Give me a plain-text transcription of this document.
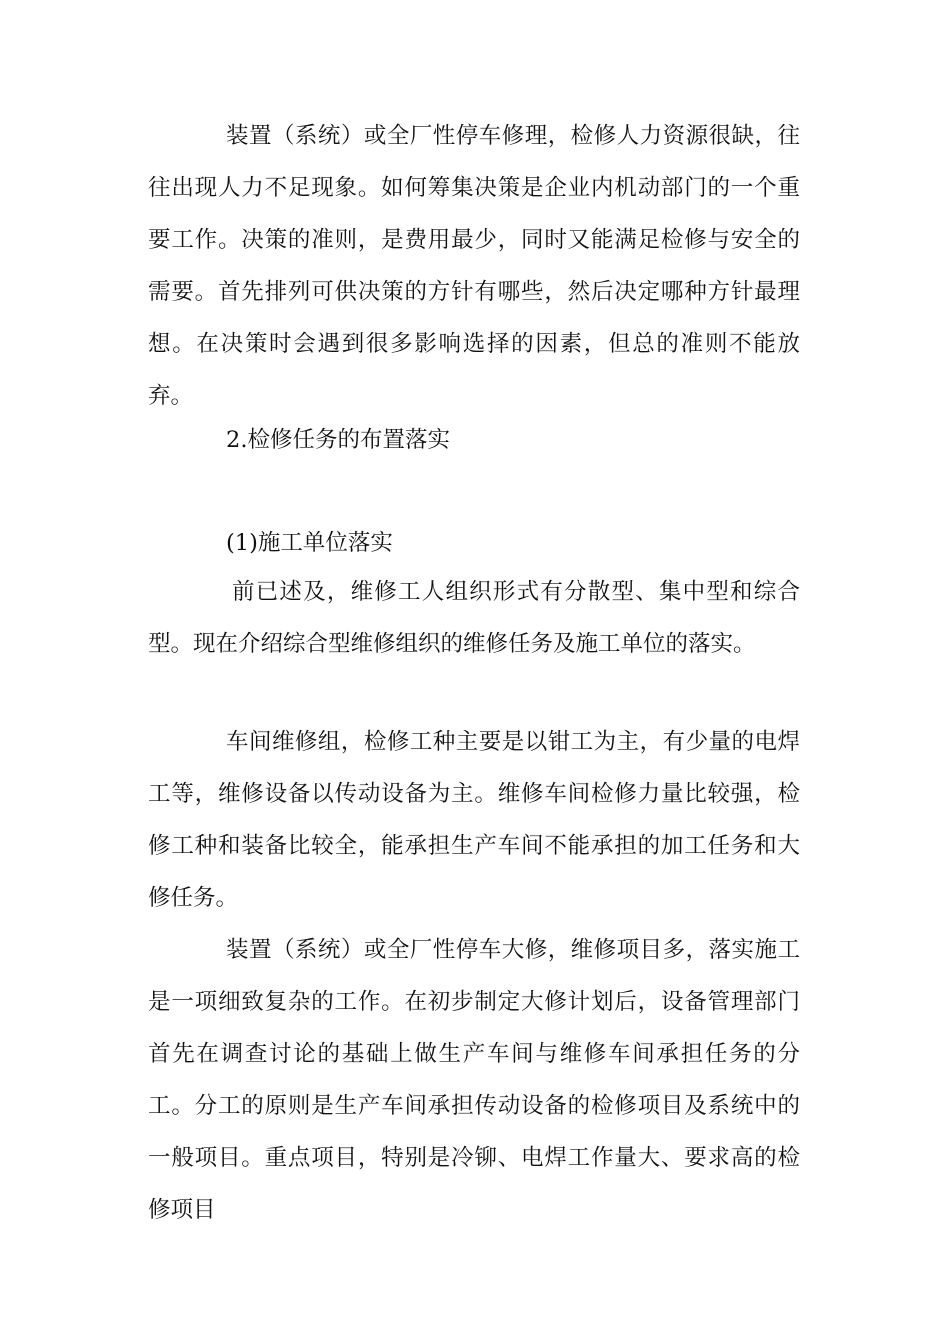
装置（系统）或全厂性停车修理，检修人力资源很缺，往往出现人力不足现象。如何筹集决策是企业内机动部门的一个重要工作。决策的准则，是费用最少，同时又能满足检修与安全的需要。首先排列可供决策的方针有哪些，然后决定哪种方针最理想。在决策时会遇到很多影响选择的因素，但总的准则不能放弃。

2.检修任务的布置落实

(1)施工单位落实

前已述及，维修工人组织形式有分散型、集中型和综合型。现在介绍综合型维修组织的维修任务及施工单位的落实。

车间维修组，检修工种主要是以钳工为主，有少量的电焊工等，维修设备以传动设备为主。维修车间检修力量比较强，检修工种和装备比较全，能承担生产车间不能承担的加工任务和大修任务。

装置（系统）或全厂性停车大修，维修项目多，落实施工是一项细致复杂的工作。在初步制定大修计划后，设备管理部门首先在调查讨论的基础上做生产车间与维修车间承担任务的分工。分工的原则是生产车间承担传动设备的检修项目及系统中的一般项目。重点项目，特别是冷铆、电焊工作量大、要求高的检修项目
